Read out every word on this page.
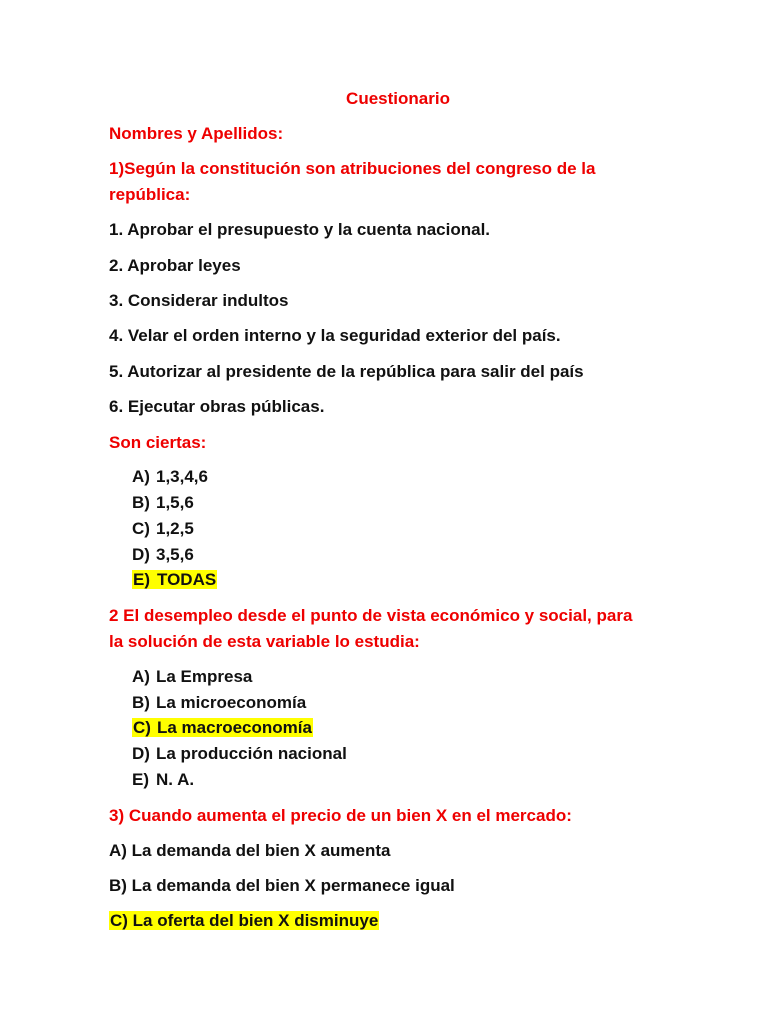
Cuestionario
Nombres y Apellidos:
1)Según la constitución son atribuciones del congreso de la
república:
1. Aprobar el presupuesto y la cuenta nacional.
2. Aprobar leyes
3. Considerar indultos
4. Velar el orden interno y la seguridad exterior del país.
5. Autorizar al presidente de la república para salir del país
6. Ejecutar obras públicas.
Son ciertas:
A) 1,3,4,6
B) 1,5,6
C) 1,2,5
D) 3,5,6
E) TODAS
2 El desempleo desde el punto de vista económico y social, para
la solución de esta variable lo estudia:
A) La Empresa
B) La microeconomía
C) La macroeconomía
D) La producción nacional
E) N. A.
3) Cuando aumenta el precio de un bien X en el mercado:
A) La demanda del bien X aumenta
B) La demanda del bien X permanece igual
C) La oferta del bien X disminuye
